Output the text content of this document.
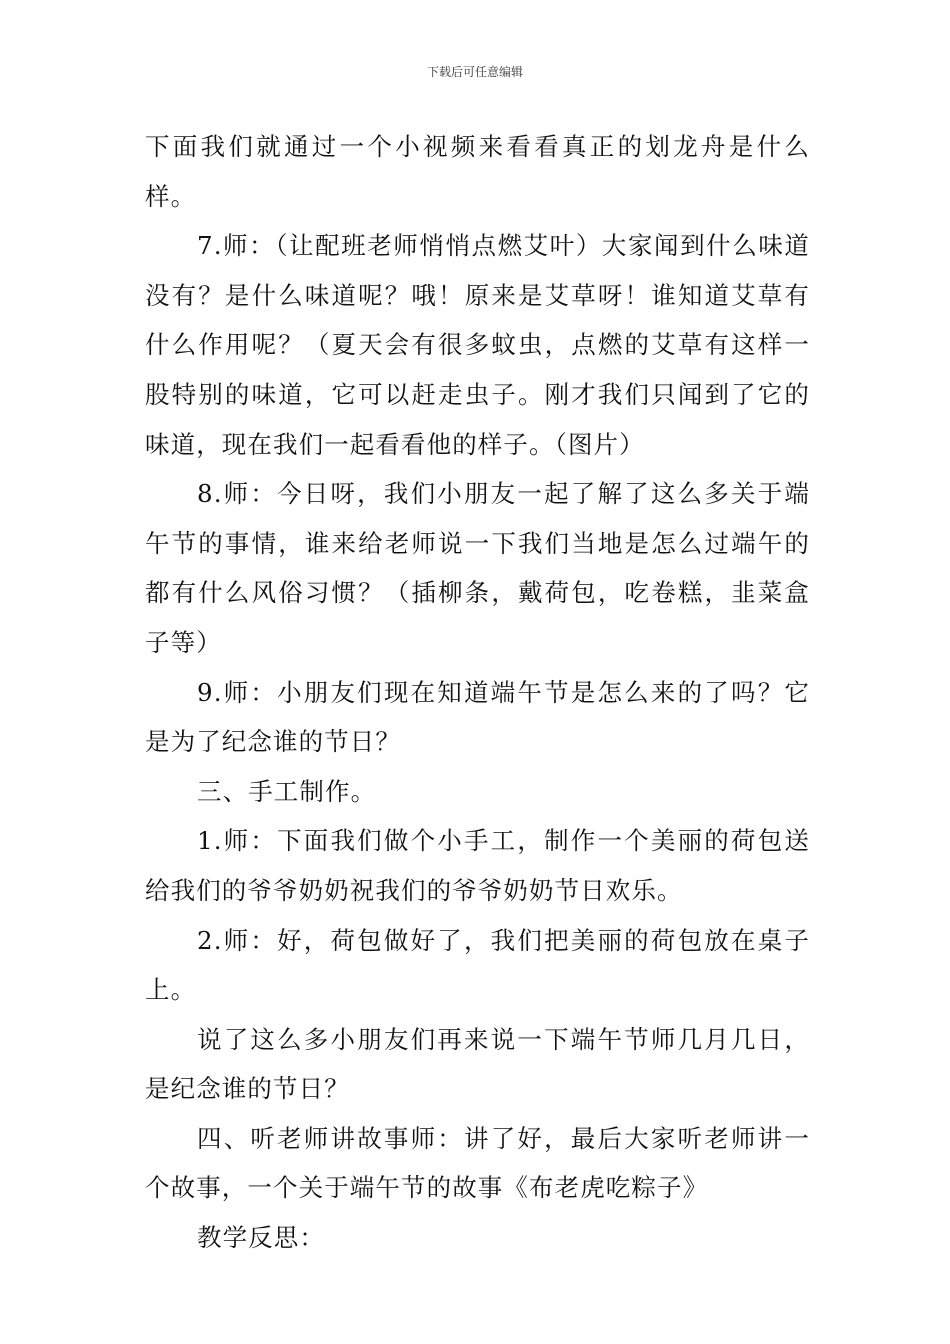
下载后可任意编辑

下面我们就通过一个小视频来看看真正的划龙舟是什么样。

7.师：（让配班老师悄悄点燃艾叶）大家闻到什么味道没有？是什么味道呢？哦！原来是艾草呀！谁知道艾草有什么作用呢？（夏天会有很多蚊虫，点燃的艾草有这样一股特别的味道，它可以赶走虫子。刚才我们只闻到了它的味道，现在我们一起看看他的样子。（图片）

8.师：今日呀，我们小朋友一起了解了这么多关于端午节的事情，谁来给老师说一下我们当地是怎么过端午的都有什么风俗习惯？（插柳条，戴荷包，吃卷糕，韭菜盒子等）

9.师：小朋友们现在知道端午节是怎么来的了吗？它是为了纪念谁的节日？

三、手工制作。

1.师：下面我们做个小手工，制作一个美丽的荷包送给我们的爷爷奶奶祝我们的爷爷奶奶节日欢乐。

2.师：好，荷包做好了，我们把美丽的荷包放在桌子上。

说了这么多小朋友们再来说一下端午节师几月几日，是纪念谁的节日？

四、听老师讲故事师：讲了好，最后大家听老师讲一个故事，一个关于端午节的故事《布老虎吃粽子》

教学反思：
